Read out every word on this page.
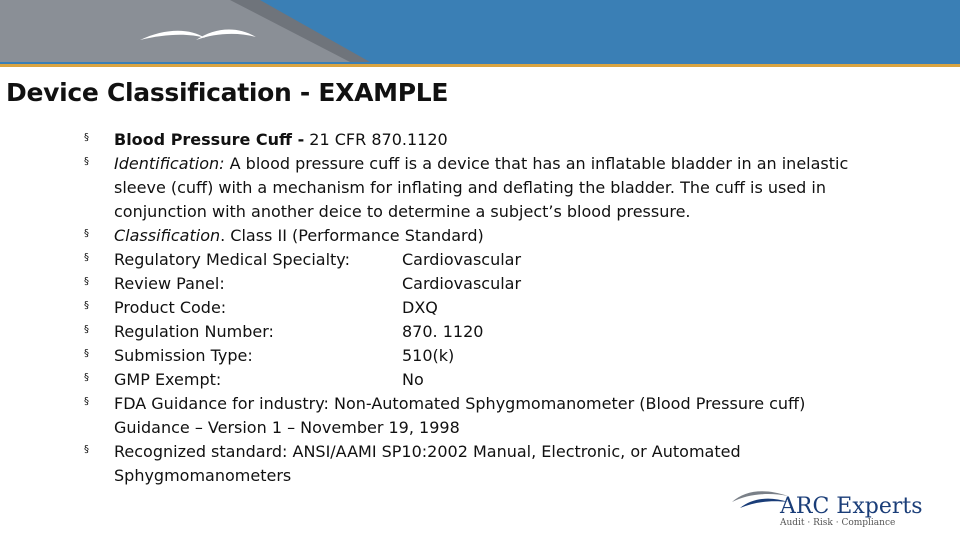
Device Classification - EXAMPLE
§
§
§
§
§
§
§
§
§
§
§
Blood Pressure Cuff - 21 CFR 870.1120
Identification: A blood pressure cuff is a device that has an inflatable bladder in an inelastic
sleeve (cuff) with a mechanism for inflating and deflating the bladder. The cuff is used in
conjunction with another deice to determine a subject’s blood pressure.
Classification. Class II (Performance Standard)
Regulatory Medical Specialty:	Cardiovascular
Review Panel:	Cardiovascular
Product Code:	DXQ
Regulation Number:	870. 1120
Submission Type:	510(k)
GMP Exempt:	No
FDA Guidance for industry: Non-Automated Sphygmomanometer (Blood Pressure cuff)
Guidance – Version 1 – November 19, 1998
Recognized standard: ANSI/AAMI SP10:2002 Manual, Electronic, or Automated
Sphygmomanometers
ARC Experts
Audit · Risk · Compliance
